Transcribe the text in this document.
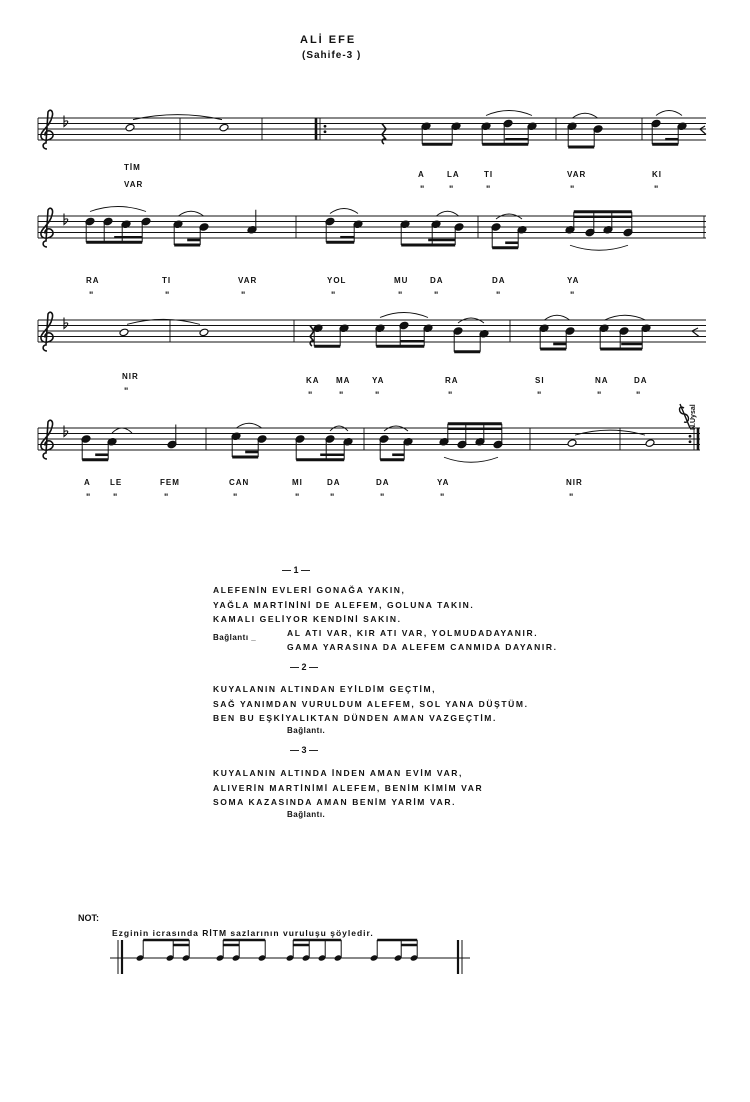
ALİ EFE
(Sahife-3 )
TİM
VAR
A	LA	TI	VAR	KI
"	"	"	"	"
RA	TI	VAR	YOL	MU	DA	DA	YA
"	"	"	"	"	"	"	"
NIR	KA MA	YA	RA	SI	NA	DA
"	"	"	"	"	"	"	"
A LE	FEM	CAN	MI	DA	DA	YA	NIR
"	"	"	"	"	"	"	"	"
N.Uysal
— 1 —
ALEFENİN EVLERİ GONAĞA YAKIN,
YAĞLA MARTİNİNİ DE ALEFEM, GOLUNA TAKIN.
KAMALI GELİYOR KENDİNİ SAKIN.
Bağlantı _	AL ATI VAR, KIR ATI VAR, YOLMUDADAYANIR.
GAMA YARASINA DA ALEFEM CANMIDA DAYANIR.
— 2 —
KUYALANIN ALTINDAN EYİLDİM GEÇTİM,
SAĞ YANIMDAN VURULDUM ALEFEM, SOL YANA DÜŞTÜM.
BEN BU EŞKİYALIKTAN DÜNDEN AMAN VAZGEÇTİM.
Bağlantı.
— 3 —
KUYALANIN ALTINDA İNDEN AMAN EVİM VAR,
ALIVERİN MARTİNİMİ ALEFEM, BENİM KİMİM VAR
SOMA KAZASINDA AMAN BENİM YARİM VAR.
Bağlantı.
NOT:
Ezginin icrasında RİTM sazlarının vuruluşu şöyledir.
